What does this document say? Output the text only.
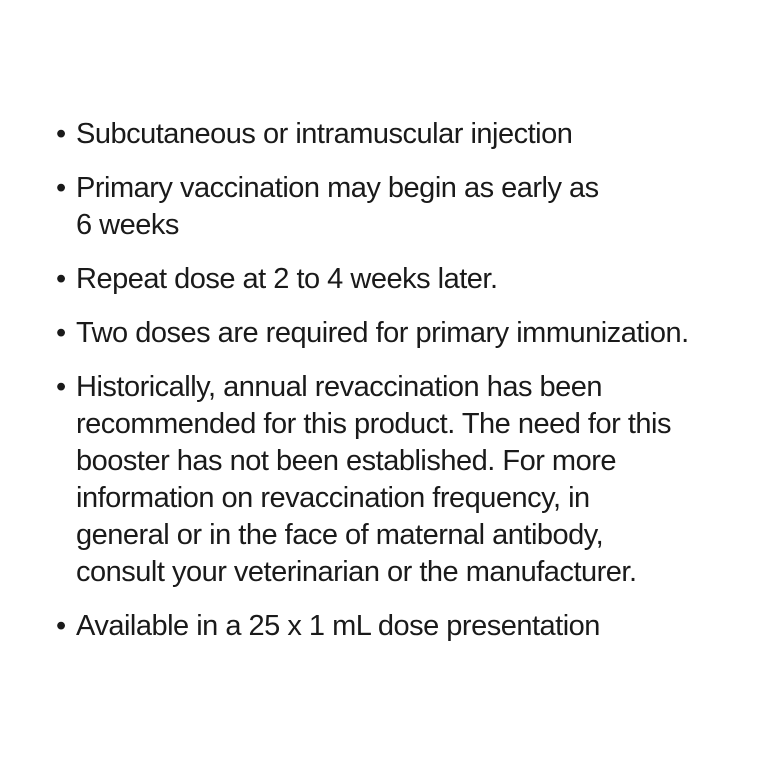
• Subcutaneous or intramuscular injection
• Primary vaccination may begin as early as
6 weeks
• Repeat dose at 2 to 4 weeks later.
• Two doses are required for primary immunization.
• Historically, annual revaccination has been
recommended for this product. The need for this
booster has not been established. For more
information on revaccination frequency, in
general or in the face of maternal antibody,
consult your veterinarian or the manufacturer.
• Available in a 25 x 1 mL dose presentation
